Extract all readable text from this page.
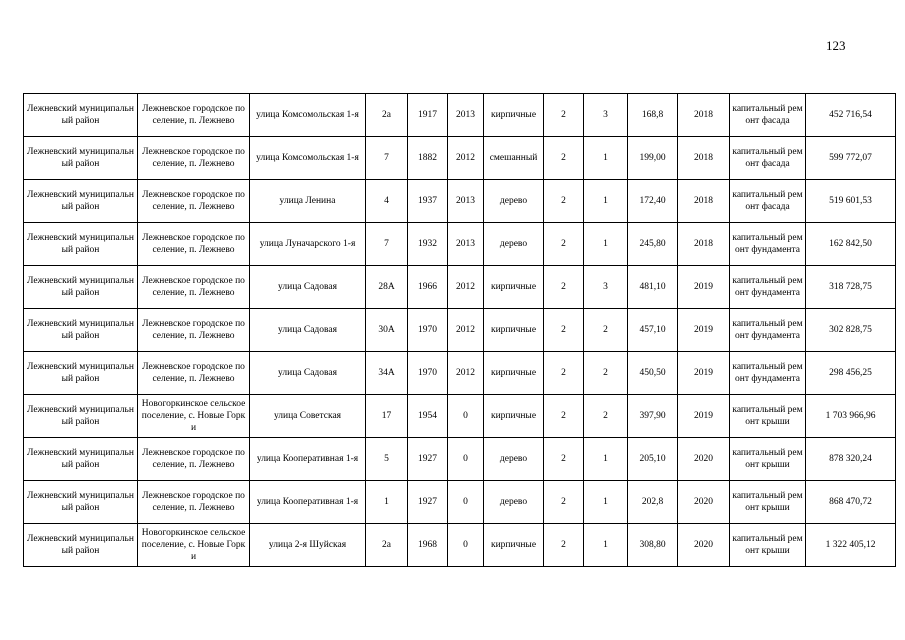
123
Лежневский муниципальный район	Лежневское городское поселение, п. Лежнево	улица Комсомольская 1-я	2а	1917	2013	кирпичные	2	3	168,8	2018	капитальный ремонт фасада	452 716,54
Лежневский муниципальный район	Лежневское городское поселение, п. Лежнево	улица Комсомольская 1-я	7	1882	2012	смешанный	2	1	199,00	2018	капитальный ремонт фасада	599 772,07
Лежневский муниципальный район	Лежневское городское поселение, п. Лежнево	улица Ленина	4	1937	2013	дерево	2	1	172,40	2018	капитальный ремонт фасада	519 601,53
Лежневский муниципальный район	Лежневское городское поселение, п. Лежнево	улица Луначарского 1-я	7	1932	2013	дерево	2	1	245,80	2018	капитальный ремонт фундамента	162 842,50
Лежневский муниципальный район	Лежневское городское поселение, п. Лежнево	улица Садовая	28А	1966	2012	кирпичные	2	3	481,10	2019	капитальный ремонт фундамента	318 728,75
Лежневский муниципальный район	Лежневское городское поселение, п. Лежнево	улица Садовая	30А	1970	2012	кирпичные	2	2	457,10	2019	капитальный ремонт фундамента	302 828,75
Лежневский муниципальный район	Лежневское городское поселение, п. Лежнево	улица Садовая	34А	1970	2012	кирпичные	2	2	450,50	2019	капитальный ремонт фундамента	298 456,25
Лежневский муниципальный район	Новогоркинское сельское поселение, с. Новые Горки	улица Советская	17	1954	0	кирпичные	2	2	397,90	2019	капитальный ремонт крыши	1 703 966,96
Лежневский муниципальный район	Лежневское городское поселение, п. Лежнево	улица Кооперативная 1-я	5	1927	0	дерево	2	1	205,10	2020	капитальный ремонт крыши	878 320,24
Лежневский муниципальный район	Лежневское городское поселение, п. Лежнево	улица Кооперативная 1-я	1	1927	0	дерево	2	1	202,8	2020	капитальный ремонт крыши	868 470,72
Лежневский муниципальный район	Новогоркинское сельское поселение, с. Новые Горки	улица 2-я Шуйская	2а	1968	0	кирпичные	2	1	308,80	2020	капитальный ремонт крыши	1 322 405,12
